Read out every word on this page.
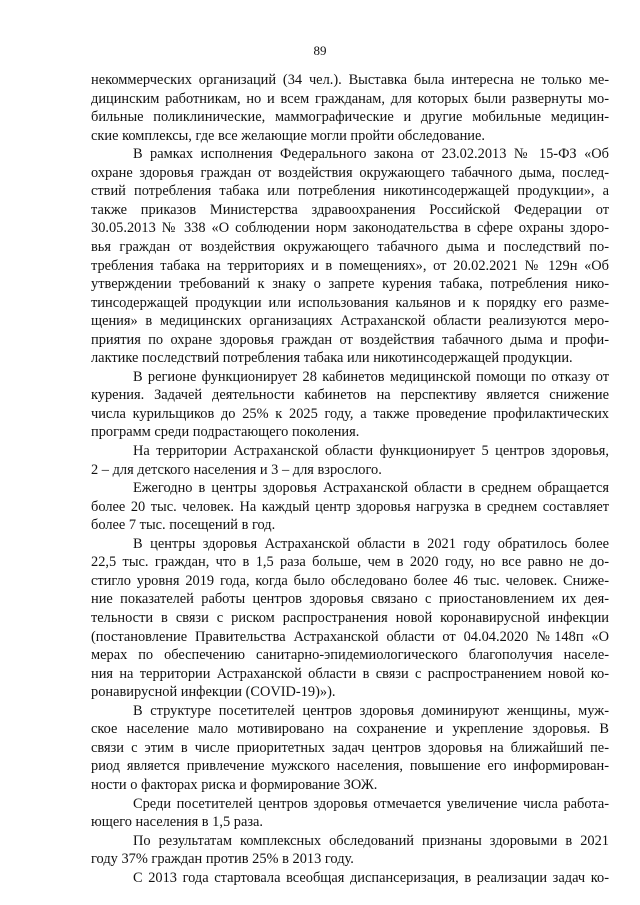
89
некоммерческих организаций (34 чел.). Выставка была интересна не только ме-
дицинским работникам, но и всем гражданам, для которых были развернуты мо-
бильные поликлинические, маммографические и другие мобильные медицин-
ские комплексы, где все желающие могли пройти обследование.
В рамках исполнения Федерального закона от 23.02.2013 № 15-ФЗ «Об
охране здоровья граждан от воздействия окружающего табачного дыма, послед-
ствий потребления табака или потребления никотинсодержащей продукции», а
также приказов Министерства здравоохранения Российской Федерации от
30.05.2013 № 338 «О соблюдении норм законодательства в сфере охраны здоро-
вья граждан от воздействия окружающего табачного дыма и последствий по-
требления табака на территориях и в помещениях», от 20.02.2021 № 129н «Об
утверждении требований к знаку о запрете курения табака, потребления нико-
тинсодержащей продукции или использования кальянов и к порядку его разме-
щения» в медицинских организациях Астраханской области реализуются меро-
приятия по охране здоровья граждан от воздействия табачного дыма и профи-
лактике последствий потребления табака или никотинсодержащей продукции.
В регионе функционирует 28 кабинетов медицинской помощи по отказу от
курения. Задачей деятельности кабинетов на перспективу является снижение
числа курильщиков до 25% к 2025 году, а также проведение профилактических
программ среди подрастающего поколения.
На территории Астраханской области функционирует 5 центров здоровья,
2 – для детского населения и 3 – для взрослого.
Ежегодно в центры здоровья Астраханской области в среднем обращается
более 20 тыс. человек. На каждый центр здоровья нагрузка в среднем составляет
более 7 тыс. посещений в год.
В центры здоровья Астраханской области в 2021 году обратилось более
22,5 тыс. граждан, что в 1,5 раза больше, чем в 2020 году, но все равно не до-
стигло уровня 2019 года, когда было обследовано более 46 тыс. человек. Сниже-
ние показателей работы центров здоровья связано с приостановлением их дея-
тельности в связи с риском распространения новой коронавирусной инфекции
(постановление Правительства Астраханской области от 04.04.2020 №148п «О
мерах по обеспечению санитарно-эпидемиологического благополучия населе-
ния на территории Астраханской области в связи с распространением новой ко-
ронавирусной инфекции (COVID-19)»).
В структуре посетителей центров здоровья доминируют женщины, муж-
ское население мало мотивировано на сохранение и укрепление здоровья. В
связи с этим в числе приоритетных задач центров здоровья на ближайший пе-
риод является привлечение мужского населения, повышение его информирован-
ности о факторах риска и формирование ЗОЖ.
Среди посетителей центров здоровья отмечается увеличение числа работа-
ющего населения в 1,5 раза.
По результатам комплексных обследований признаны здоровыми в 2021
году 37% граждан против 25% в 2013 году.
С 2013 года стартовала всеобщая диспансеризация, в реализации задач ко-
